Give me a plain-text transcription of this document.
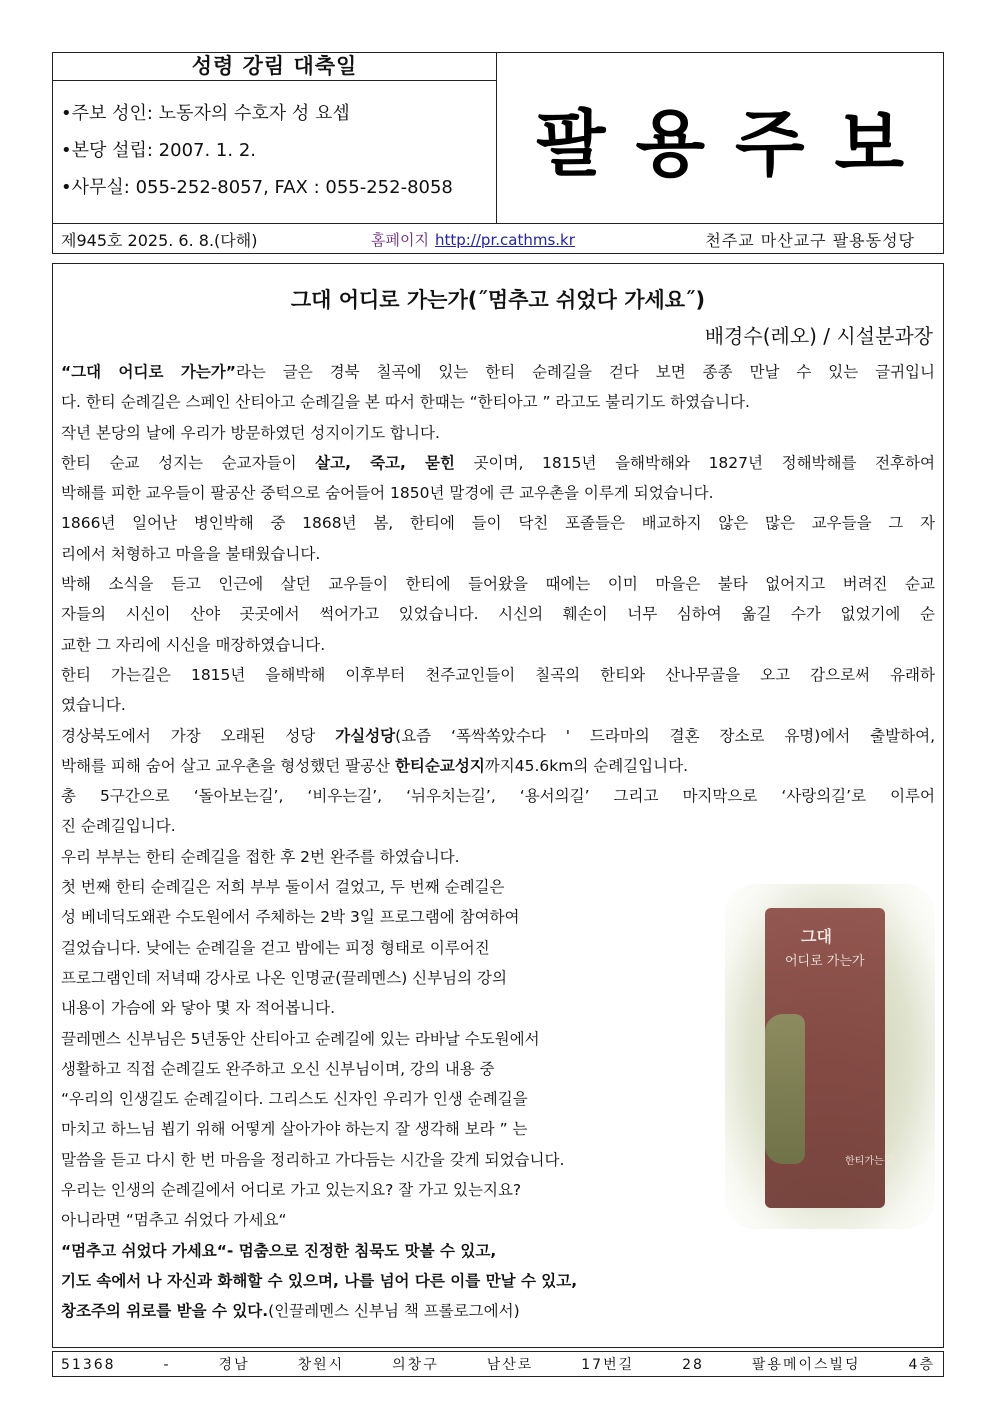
성령 강림 대축일
•주보 성인: 노동자의 수호자 성 요셉
•본당 설립: 2007. 1. 2.
•사무실: 055-252-8057, FAX : 055-252-8058
팔용주보
제945호 2025. 6. 8.(다해)	홈페이지 http://pr.cathms.kr	천주교 마산교구 팔용동성당
그대 어디로 가는가(˝멈추고 쉬었다 가세요˝)
배경수(레오) / 시설분과장
“그대 어디로 가는가”라는 글은 경북 칠곡에 있는 한티 순례길을 걷다 보면 종종 만날 수 있는 글귀입니
다. 한티 순례길은 스페인 산티아고 순례길을 본 따서 한때는 “한티아고 ” 라고도 불리기도 하였습니다.
작년 본당의 날에 우리가 방문하였던 성지이기도 합니다.
한티 순교 성지는 순교자들이 살고, 죽고, 묻힌 곳이며, 1815년 을해박해와 1827년 정해박해를 전후하여
박해를 피한 교우들이 팔공산 중턱으로 숨어들어 1850년 말경에 큰 교우촌을 이루게 되었습니다.
1866년 일어난 병인박해 중 1868년 봄, 한티에 들이 닥친 포졸들은 배교하지 않은 많은 교우들을 그 자
리에서 처형하고 마을을 불태웠습니다.
박해 소식을 듣고 인근에 살던 교우들이 한티에 들어왔을 때에는 이미 마을은 불타 없어지고 버려진 순교
자들의 시신이 산야 곳곳에서 썩어가고 있었습니다. 시신의 훼손이 너무 심하여 옮길 수가 없었기에 순
교한 그 자리에 시신을 매장하였습니다.
한티 가는길은 1815년 을해박해 이후부터 천주교인들이 칠곡의 한티와 산나무골을 오고 감으로써 유래하
였습니다.
경상북도에서 가장 오래된 성당 가실성당(요즘 ‘폭싹쏙았수다 ' 드라마의 결혼 장소로 유명)에서 출발하여,
박해를 피해 숨어 살고 교우촌을 형성했던 팔공산 한티순교성지까지45.6km의 순례길입니다.
총 5구간으로 ‘돌아보는길’, ‘비우는길’, ‘뉘우치는길’, ‘용서의길’ 그리고 마지막으로 ‘사랑의길’로 이루어
진 순례길입니다.
우리 부부는 한티 순례길을 접한 후 2번 완주를 하였습니다.
첫 번째 한티 순례길은 저희 부부 둘이서 걸었고, 두 번째 순례길은
성 베네딕도왜관 수도원에서 주체하는 2박 3일 프로그램에 참여하여
걸었습니다. 낮에는 순례길을 걷고 밤에는 피정 형태로 이루어진
프로그램인데 저녁때 강사로 나온 인명균(끌레멘스) 신부님의 강의
내용이 가슴에 와 닿아 몇 자 적어봅니다.
끌레멘스 신부님은 5년동안 산티아고 순례길에 있는 라바날 수도원에서
생활하고 직접 순례길도 완주하고 오신 신부님이며, 강의 내용 중
“우리의 인생길도 순례길이다. 그리스도 신자인 우리가 인생 순례길을
마치고 하느님 뵙기 위해 어떻게 살아가야 하는지 잘 생각해 보라 ” 는
말씀을 듣고 다시 한 번 마음을 정리하고 가다듬는 시간을 갖게 되었습니다.
우리는 인생의 순례길에서 어디로 가고 있는지요? 잘 가고 있는지요?
아니라면 “멈추고 쉬었다 가세요“
“멈추고 쉬었다 가세요“- 멈춤으로 진정한 침묵도 맛볼 수 있고,
기도 속에서 나 자신과 화해할 수 있으며, 나를 넘어 다른 이를 만날 수 있고,
창조주의 위로를 받을 수 있다.(인끌레멘스 신부님 책 프롤로그에서)
그대
어디로 가는가
한티가는길
51368 - 경남 창원시 의창구 남산로 17번길 28 팔용메이스빌딩 4층
